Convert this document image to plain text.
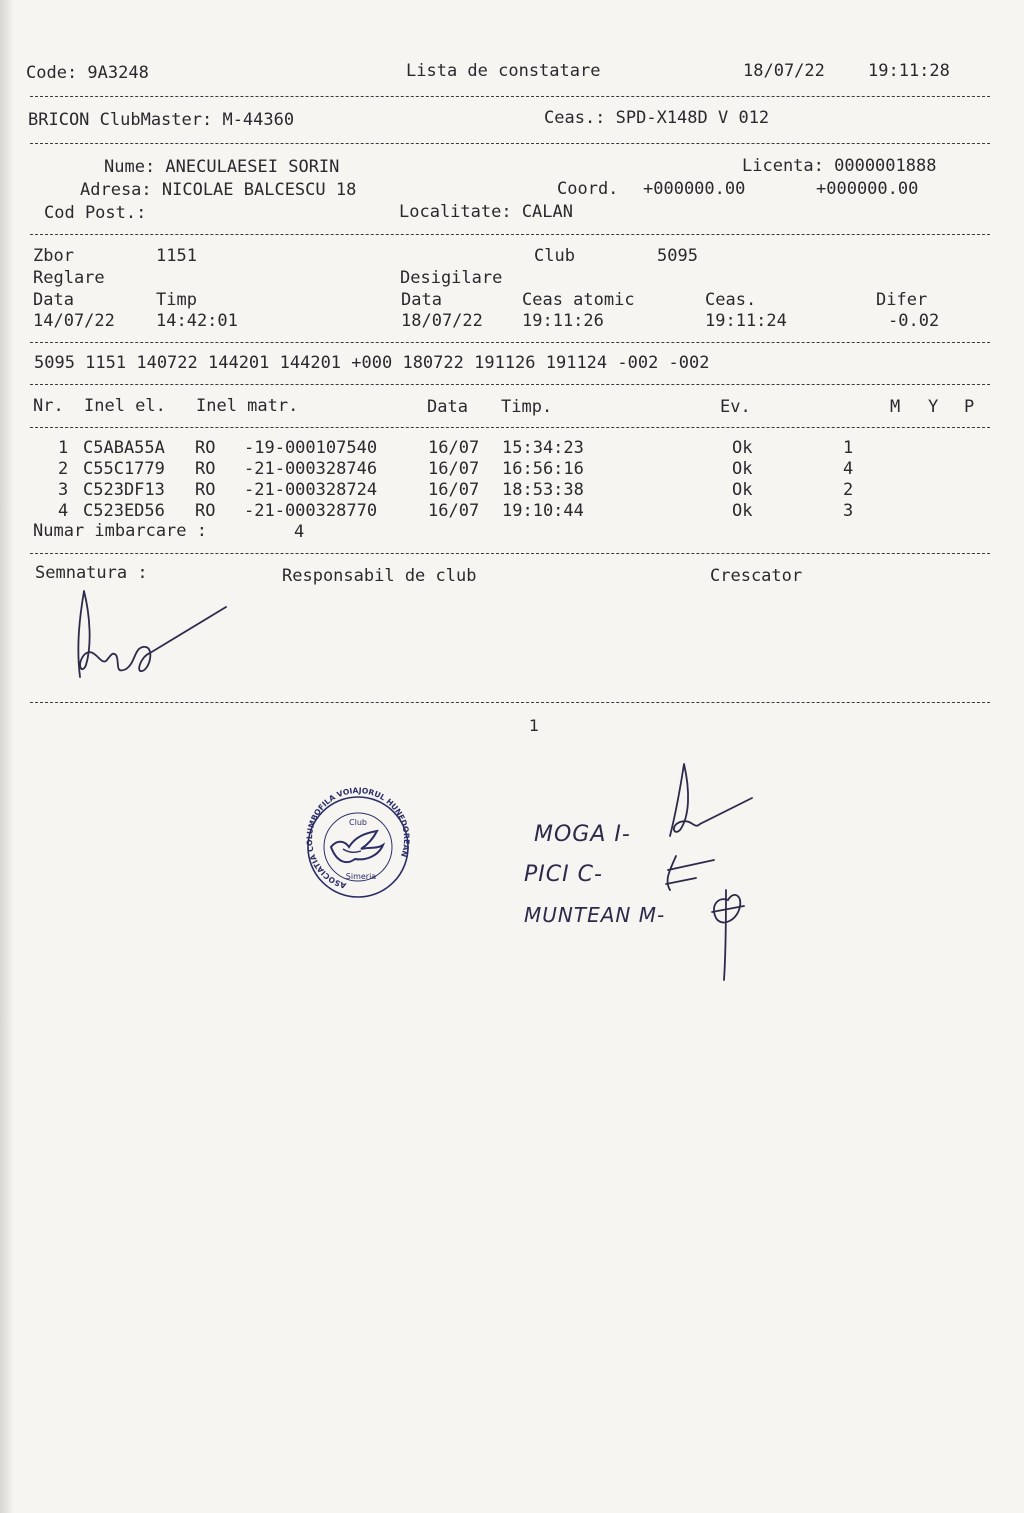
Code: 9A3248	Lista de constatare	18/07/22	19:11:28
BRICON ClubMaster: M-44360	Ceas.: SPD-X148D V 012
Nume: ANECULAESEI SORIN	Licenta: 0000001888
Adresa: NICOLAE BALCESCU 18	Coord. +000000.00	+000000.00
Cod Post.:	Localitate: CALAN
Zbor	1151	Club	5095
Reglare	Desigilare
Data	Timp	Data	Ceas atomic	Ceas.	Difer
14/07/22 14:42:01	18/07/22 19:11:26	19:11:24	-0.02
5095 1151 140722 144201 144201 +000 180722 191126 191124 -002 -002
Nr. Inel el. Inel matr.	Data Timp.	Ev.	M Y P
1 C5ABA55A RO -19-000107540	16/07 15:34:23	Ok	1
2 C55C1779 RO -21-000328746	16/07 16:56:16	Ok	4
3 C523DF13 RO -21-000328724	16/07 18:53:38	Ok	2
4 C523ED56 RO -21-000328770	16/07 19:10:44	Ok	3
Numar imbarcare :	4
Semnatura :	Responsabil de club	Crescator
1
ASOCIATIA COLUMBOFILA VOIAJORUL HUNEDOREAN
Club
Simeria
MOGA I-
PICI C-
MUNTEAN M-
